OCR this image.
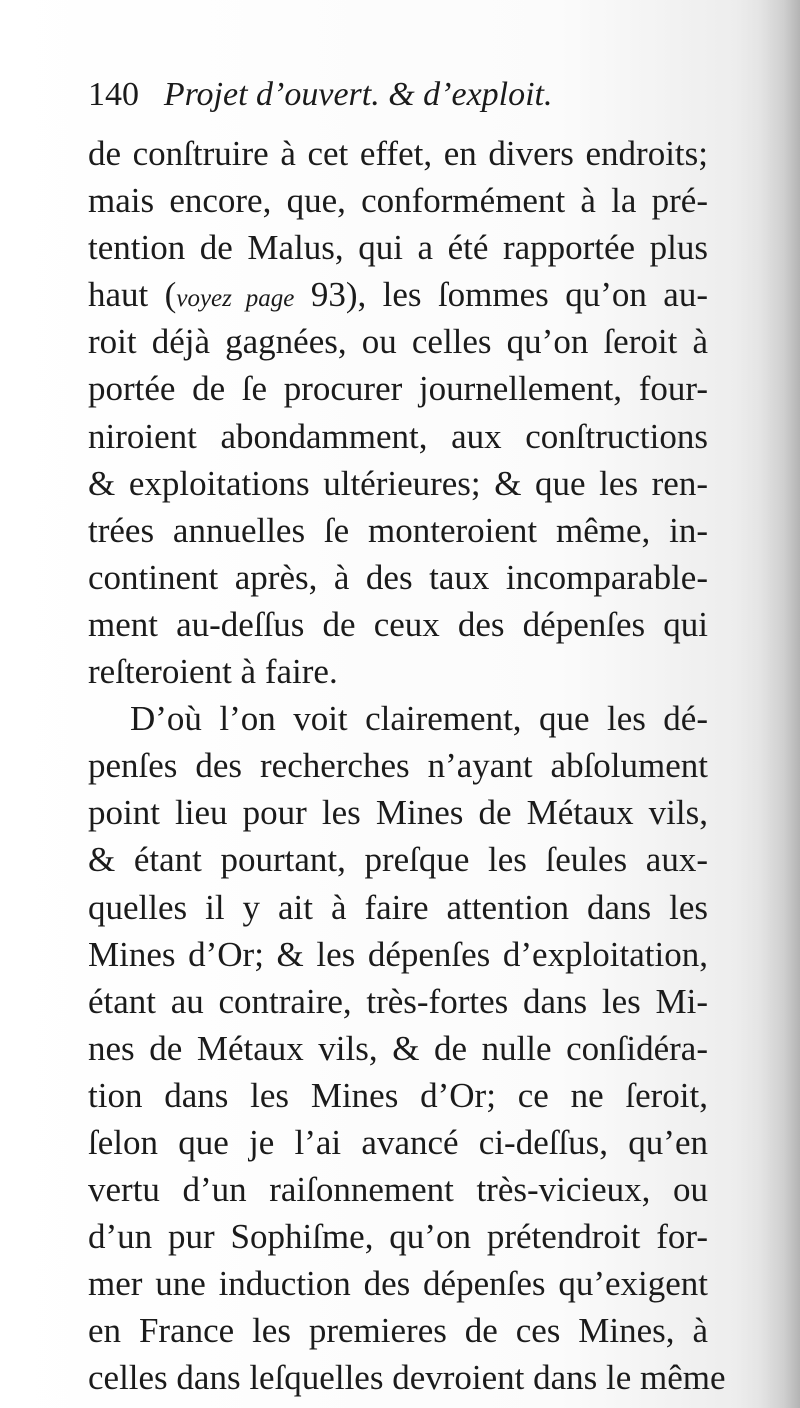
140 Projet d’ouvert. & d’exploit.
de conſtruire à cet effet, en divers endroits;
mais encore, que, conformément à la pré-
tention de Malus, qui a été rapportée plus
haut (voyez page 93), les ſommes qu’on au-
roit déjà gagnées, ou celles qu’on ſeroit à
portée de ſe procurer journellement, four-
niroient abondamment, aux conſtructions
& exploitations ultérieures; & que les ren-
trées annuelles ſe monteroient même, in-
continent après, à des taux incomparable-
ment au-deſſus de ceux des dépenſes qui
reſteroient à faire.
D’où l’on voit clairement, que les dé-
penſes des recherches n’ayant abſolument
point lieu pour les Mines de Métaux vils,
& étant pourtant, preſque les ſeules aux-
quelles il y ait à faire attention dans les
Mines d’Or; & les dépenſes d’exploitation,
étant au contraire, très-fortes dans les Mi-
nes de Métaux vils, & de nulle conſidéra-
tion dans les Mines d’Or; ce ne ſeroit,
ſelon que je l’ai avancé ci-deſſus, qu’en
vertu d’un raiſonnement très-vicieux, ou
d’un pur Sophiſme, qu’on prétendroit for-
mer une induction des dépenſes qu’exigent
en France les premieres de ces Mines, à
celles dans leſquelles devroient dans le même
